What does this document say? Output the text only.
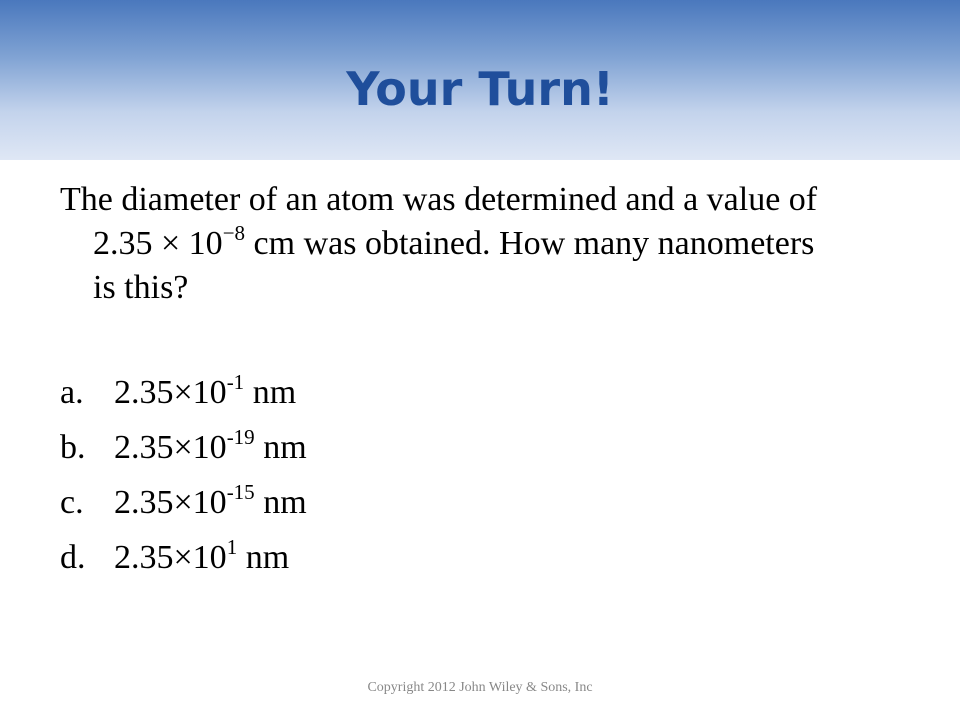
Your Turn!
The diameter of an atom was determined and a value of
$2.35 \times 10^{-8}$ cm was obtained. How many nanometers
is this?
a. $2.35\times 10^{-1}$ nm
b. $2.35\times 10^{-19}$ nm
c. $2.35\times 10^{-15}$ nm
d. $2.35\times 10^1$ nm
Copyright 2012 John Wiley & Sons, Inc
